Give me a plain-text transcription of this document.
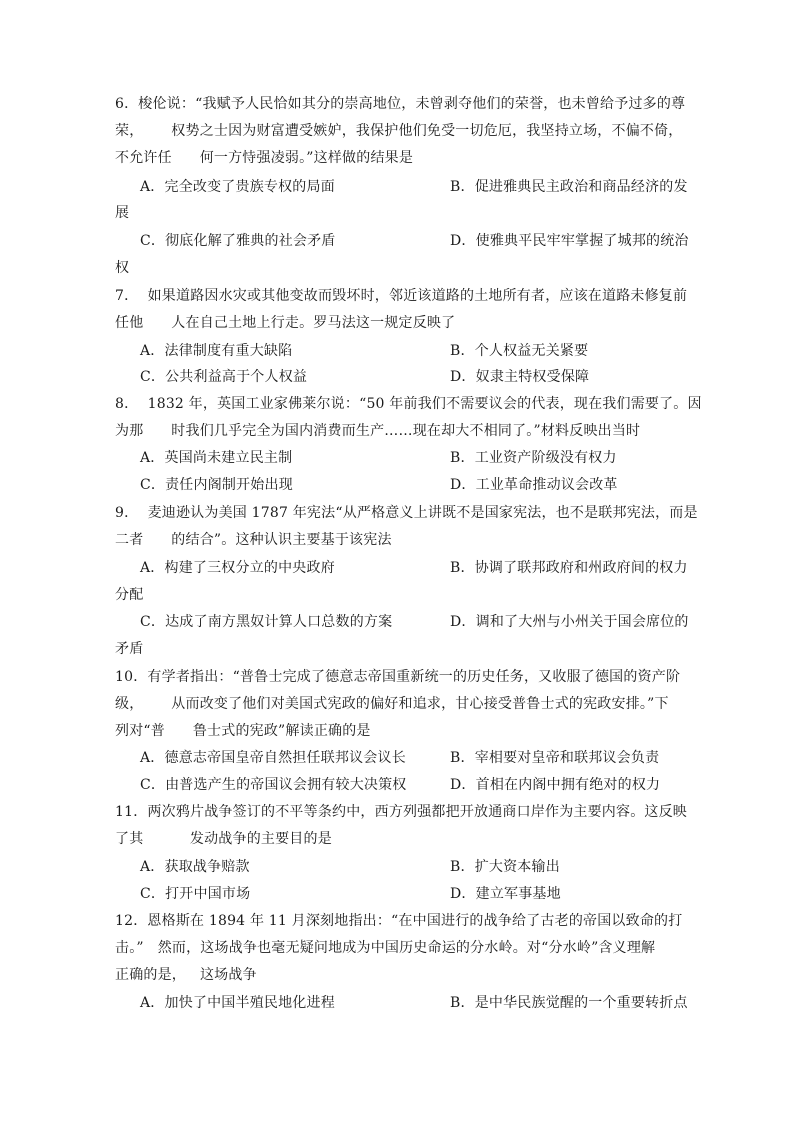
6．梭伦说：“我赋予人民恰如其分的崇高地位，未曾剥夺他们的荣誉，也未曾给予过多的尊
荣，      权势之士因为财富遭受嫉妒，我保护他们免受一切危厄，我坚持立场，不偏不倚，
不允许任      何一方恃强凌弱。”这样做的结果是
A．完全改变了贵族专权的局面	B．促进雅典民主政治和商品经济的发
展
C．彻底化解了雅典的社会矛盾	D．使雅典平民牢牢掌握了城邦的统治
权
7．  如果道路因水灾或其他变故而毁坏时，邻近该道路的土地所有者，应该在道路未修复前
任他      人在自己土地上行走。罗马法这一规定反映了
A．法律制度有重大缺陷	B．个人权益无关紧要
C．公共利益高于个人权益	D．奴隶主特权受保障
8．  1832 年，英国工业家佛莱尔说：“50 年前我们不需要议会的代表，现在我们需要了。因
为那      时我们几乎完全为国内消费而生产……现在却大不相同了。”材料反映出当时
A．英国尚未建立民主制	B．工业资产阶级没有权力
C．责任内阁制开始出现	D．工业革命推动议会改革
9．  麦迪逊认为美国 1787 年宪法“从严格意义上讲既不是国家宪法，也不是联邦宪法，而是
二者      的结合”。这种认识主要基于该宪法
A．构建了三权分立的中央政府	B．协调了联邦政府和州政府间的权力
分配
C．达成了南方黑奴计算人口总数的方案	D．调和了大州与小州关于国会席位的
矛盾
10．有学者指出：“普鲁士完成了德意志帝国重新统一的历史任务，又收服了德国的资产阶
级，      从而改变了他们对美国式宪政的偏好和追求，甘心接受普鲁士式的宪政安排。”下
列对“普      鲁士式的宪政”解读正确的是
A．德意志帝国皇帝自然担任联邦议会议长	B．宰相要对皇帝和联邦议会负责
C．由普选产生的帝国议会拥有较大决策权	D．首相在内阁中拥有绝对的权力
11．两次鸦片战争签订的不平等条约中，西方列强都把开放通商口岸作为主要内容。这反映
了其          发动战争的主要目的是
A．获取战争赔款	B．扩大资本输出
C．打开中国市场	D．建立军事基地
12．恩格斯在 1894 年 11 月深刻地指出：“在中国进行的战争给了古老的帝国以致命的打
击。”   然而，这场战争也毫无疑问地成为中国历史命运的分水岭。对“分水岭”含义理解
正确的是，   这场战争
A．加快了中国半殖民地化进程	B．是中华民族觉醒的一个重要转折点
